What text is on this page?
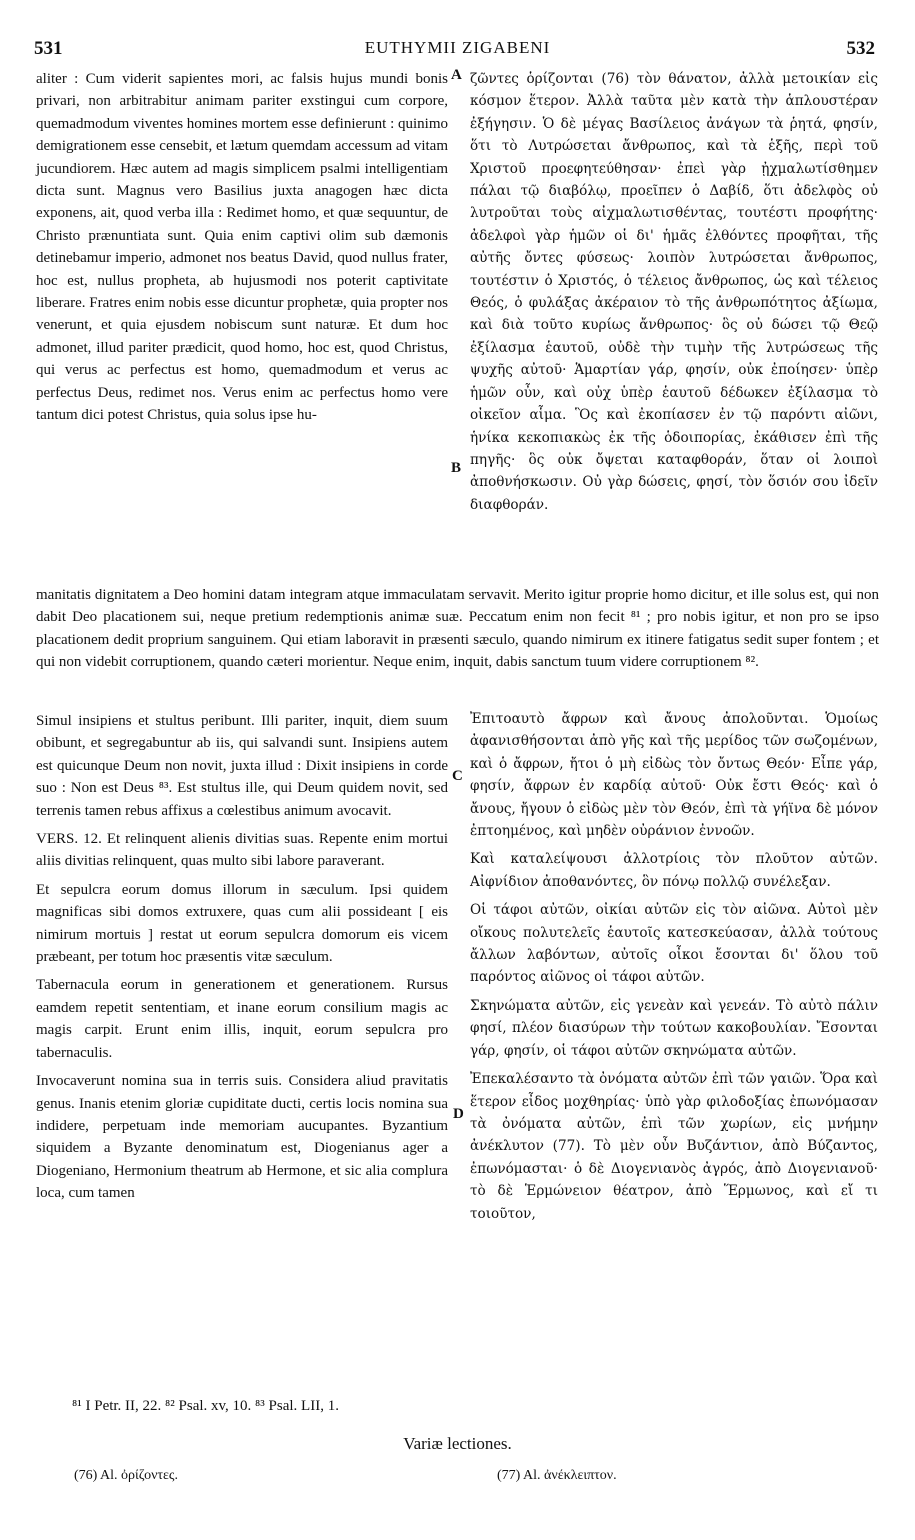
531	EUTHYMII ZIGABENI	532
A
B
C
D

aliter : Cum viderit sapientes mori, ac falsis hujus mundi bonis privari, non arbitrabitur animam pariter exstingui cum corpore, quemadmodum viventes homines mortem esse definierunt : quinimo demigrationem esse censebit, et lætum quemdam accessum ad vitam jucundiorem. Hæc autem ad magis simplicem psalmi intelligentiam dicta sunt. Magnus vero Basilius juxta anagogen hæc dicta exponens, ait, quod verba illa : Redimet homo, et quæ sequuntur, de Christo prænuntiata sunt. Quia enim captivi olim sub dæmonis detinebamur imperio, admonet nos beatus David, quod nullus frater, hoc est, nullus propheta, ab hujusmodi nos poterit captivitate liberare. Fratres enim nobis esse dicuntur prophetæ, quia propter nos venerunt, et quia ejusdem nobiscum sunt naturæ. Et dum hoc admonet, illud pariter prædicit, quod homo, hoc est, quod Christus, qui verus ac perfectus est homo, quemadmodum et verus ac perfectus Deus, redimet nos. Verus enim ac perfectus homo vere tantum dici potest Christus, quia solus ipse hu-

ζῶντες ὁρίζονται (76) τὸν θάνατον, ἀλλὰ μετοικίαν εἰς κόσμον ἕτερον. Ἀλλὰ ταῦτα μὲν κατὰ τὴν ἁπλουστέραν ἐξήγησιν. Ὁ δὲ μέγας Βασίλειος ἀνάγων τὰ ῥητά, φησίν, ὅτι τὸ Λυτρώσεται ἄνθρωπος, καὶ τὰ ἑξῆς, περὶ τοῦ Χριστοῦ προεφητεύθησαν· ἐπεὶ γὰρ ᾐχμαλωτίσθημεν πάλαι τῷ διαβόλῳ, προεῖπεν ὁ Δαβίδ, ὅτι ἀδελφὸς οὐ λυτροῦται τοὺς αἰχμαλωτισθέντας, τουτέστι προφήτης· ἀδελφοὶ γὰρ ἡμῶν οἱ δι' ἡμᾶς ἐλθόντες προφῆται, τῆς αὐτῆς ὄντες φύσεως· λοιπὸν λυτρώσεται ἄνθρωπος, τουτέστιν ὁ Χριστός, ὁ τέλειος ἄνθρωπος, ὡς καὶ τέλειος Θεός, ὁ φυλάξας ἀκέραιον τὸ τῆς ἀνθρωπότητος ἀξίωμα, καὶ διὰ τοῦτο κυρίως ἄνθρωπος· ὃς οὐ δώσει τῷ Θεῷ ἐξίλασμα ἑαυτοῦ, οὐδὲ τὴν τιμὴν τῆς λυτρώσεως τῆς ψυχῆς αὐτοῦ· Ἁμαρτίαν γάρ, φησίν, οὐκ ἐποίησεν· ὑπὲρ ἡμῶν οὖν, καὶ οὐχ ὑπὲρ ἑαυτοῦ δέδωκεν ἐξίλασμα τὸ οἰκεῖον αἷμα. Ὃς καὶ ἐκοπίασεν ἐν τῷ παρόντι αἰῶνι, ἡνίκα κεκοπιακὼς ἐκ τῆς ὁδοιπορίας, ἐκάθισεν ἐπὶ τῆς πηγῆς· ὃς οὐκ ὄψεται καταφθοράν, ὅταν οἱ λοιποὶ ἀποθνήσκωσιν. Οὐ γὰρ δώσεις, φησί, τὸν ὅσιόν σου ἰδεῖν διαφθοράν.

manitatis dignitatem a Deo homini datam integram atque immaculatam servavit. Merito igitur proprie homo dicitur, et ille solus est, qui non dabit Deo placationem sui, neque pretium redemptionis animæ suæ. Peccatum enim non fecit ⁸¹ ; pro nobis igitur, et non pro se ipso placationem dedit proprium sanguinem. Qui etiam laboravit in præsenti sæculo, quando nimirum ex itinere fatigatus sedit super fontem ; et qui non videbit corruptionem, quando cæteri morientur. Neque enim, inquit, dabis sanctum tuum videre corruptionem ⁸².

Simul insipiens et stultus peribunt. Illi pariter, inquit, diem suum obibunt, et segregabuntur ab iis, qui salvandi sunt. Insipiens autem est quicunque Deum non novit, juxta illud : Dixit insipiens in corde suo : Non est Deus ⁸³. Est stultus ille, qui Deum quidem novit, sed terrenis tamen rebus affixus a cœlestibus animum avocavit.

VERS. 12. Et relinquent alienis divitias suas. Repente enim mortui aliis divitias relinquent, quas multo sibi labore paraverant.

Et sepulcra eorum domus illorum in sæculum. Ipsi quidem magnificas sibi domos extruxere, quas cum alii possideant [ eis nimirum mortuis ] restat ut eorum sepulcra domorum eis vicem præbeant, per totum hoc præsentis vitæ sæculum.

Tabernacula eorum in generationem et generationem. Rursus eamdem repetit sententiam, et inane eorum consilium magis ac magis carpit. Erunt enim illis, inquit, eorum sepulcra pro tabernaculis.

Invocaverunt nomina sua in terris suis. Considera aliud pravitatis genus. Inanis etenim gloriæ cupiditate ducti, certis locis nomina sua indidere, perpetuam inde memoriam aucupantes. Byzantium siquidem a Byzante denominatum est, Diogenianus ager a Diogeniano, Hermonium theatrum ab Hermone, et sic alia complura loca, cum tamen

Ἐπιτοαυτὸ ἄφρων καὶ ἄνους ἀπολοῦνται. Ὁμοίως ἀφανισθήσονται ἀπὸ γῆς καὶ τῆς μερίδος τῶν σωζομένων, καὶ ὁ ἄφρων, ἤτοι ὁ μὴ εἰδὼς τὸν ὄντως Θεόν· Εἶπε γάρ, φησίν, ἄφρων ἐν καρδίᾳ αὐτοῦ· Οὐκ ἔστι Θεός· καὶ ὁ ἄνους, ἤγουν ὁ εἰδὼς μὲν τὸν Θεόν, ἐπὶ τὰ γήϊνα δὲ μόνον ἐπτοημένος, καὶ μηδὲν οὐράνιον ἐννοῶν.

Καὶ καταλείψουσι ἀλλοτρίοις τὸν πλοῦτον αὐτῶν. Αἰφνίδιον ἀποθανόντες, ὃν πόνῳ πολλῷ συνέλεξαν.

Οἱ τάφοι αὐτῶν, οἰκίαι αὐτῶν εἰς τὸν αἰῶνα. Αὐτοὶ μὲν οἴκους πολυτελεῖς ἑαυτοῖς κατεσκεύασαν, ἀλλὰ τούτους ἄλλων λαβόντων, αὐτοῖς οἶκοι ἔσονται δι' ὅλου τοῦ παρόντος αἰῶνος οἱ τάφοι αὐτῶν.

Σκηνώματα αὐτῶν, εἰς γενεὰν καὶ γενεάν. Τὸ αὐτὸ πάλιν φησί, πλέον διασύρων τὴν τούτων κακοβουλίαν. Ἔσονται γάρ, φησίν, οἱ τάφοι αὐτῶν σκηνώματα αὐτῶν.

Ἐπεκαλέσαντο τὰ ὀνόματα αὐτῶν ἐπὶ τῶν γαιῶν. Ὅρα καὶ ἕτερον εἶδος μοχθηρίας· ὑπὸ γὰρ φιλοδοξίας ἐπωνόμασαν τὰ ὀνόματα αὐτῶν, ἐπὶ τῶν χωρίων, εἰς μνήμην ἀνέκλυτον (77). Τὸ μὲν οὖν Βυζάντιον, ἀπὸ Βύζαντος, ἐπωνόμασται· ὁ δὲ Διογενιανὸς ἀγρός, ἀπὸ Διογενιανοῦ· τὸ δὲ Ἑρμώνειον θέατρον, ἀπὸ Ἕρμωνος, καὶ εἴ τι τοιοῦτον,

⁸¹ I Petr. II, 22. ⁸² Psal. xv, 10. ⁸³ Psal. LII, 1.
Variæ lectiones.
(76) Al. ὀρίζοντες.	(77) Al. ἀνέκλειπτον.
